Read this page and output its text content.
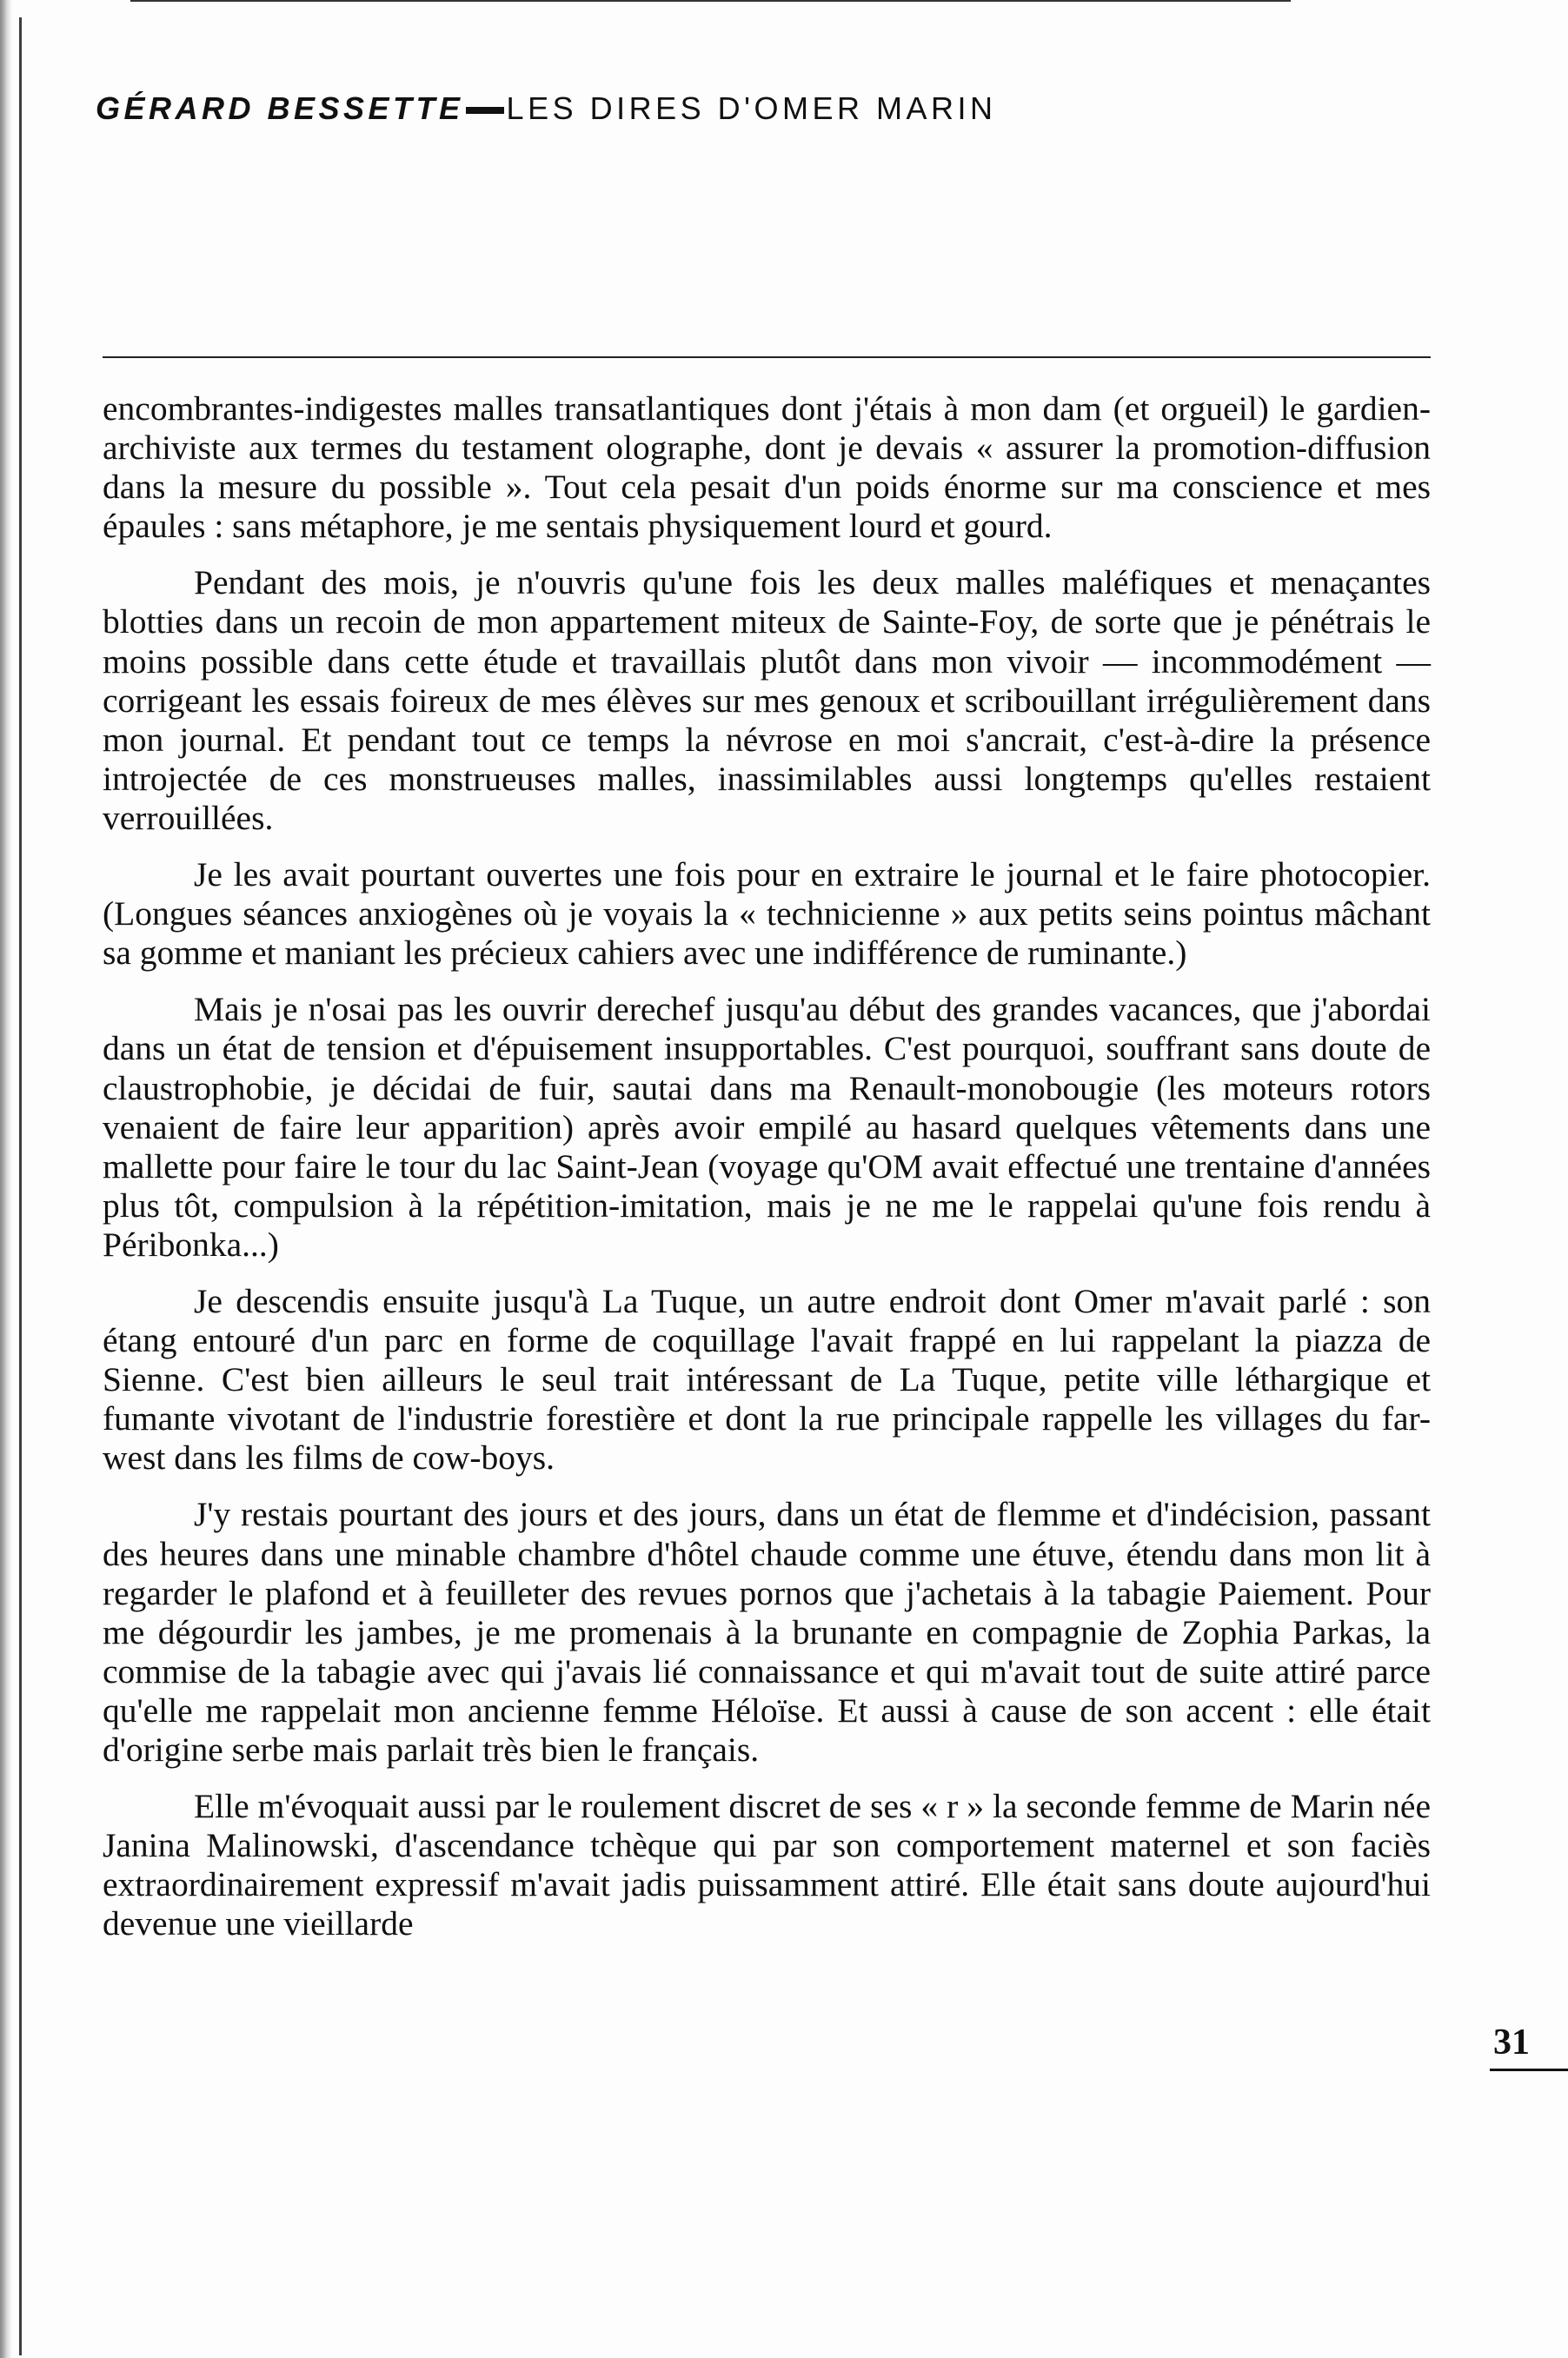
GÉRARD BESSETTE LES DIRES D'OMER MARIN

encombrantes-indigestes malles transatlantiques dont j'étais à mon dam (et orgueil) le gardien-archiviste aux termes du testament olographe, dont je devais « assurer la promotion-diffusion dans la mesure du possible ». Tout cela pesait d'un poids énorme sur ma conscience et mes épaules : sans métaphore, je me sentais physiquement lourd et gourd.

Pendant des mois, je n'ouvris qu'une fois les deux malles maléfiques et menaçantes blotties dans un recoin de mon appartement miteux de Sainte-Foy, de sorte que je pénétrais le moins possible dans cette étude et travaillais plutôt dans mon vivoir — incommodément — corrigeant les essais foireux de mes élèves sur mes genoux et scribouillant irrégulièrement dans mon journal. Et pendant tout ce temps la névrose en moi s'ancrait, c'est-à-dire la présence introjectée de ces monstrueuses malles, inassimilables aussi longtemps qu'elles restaient verrouillées.

Je les avait pourtant ouvertes une fois pour en extraire le journal et le faire photocopier. (Longues séances anxiogènes où je voyais la « technicienne » aux petits seins pointus mâchant sa gomme et maniant les précieux cahiers avec une indifférence de ruminante.)

Mais je n'osai pas les ouvrir derechef jusqu'au début des grandes vacances, que j'abordai dans un état de tension et d'épuisement insupportables. C'est pourquoi, souffrant sans doute de claustrophobie, je décidai de fuir, sautai dans ma Renault-monobougie (les moteurs rotors venaient de faire leur apparition) après avoir empilé au hasard quelques vêtements dans une mallette pour faire le tour du lac Saint-Jean (voyage qu'OM avait effectué une trentaine d'années plus tôt, compulsion à la répétition-imitation, mais je ne me le rappelai qu'une fois rendu à Péribonka...)

Je descendis ensuite jusqu'à La Tuque, un autre endroit dont Omer m'avait parlé : son étang entouré d'un parc en forme de coquillage l'avait frappé en lui rappelant la piazza de Sienne. C'est bien ailleurs le seul trait intéressant de La Tuque, petite ville léthargique et fumante vivotant de l'industrie forestière et dont la rue principale rappelle les villages du far-west dans les films de cow-boys.

J'y restais pourtant des jours et des jours, dans un état de flemme et d'indécision, passant des heures dans une minable chambre d'hôtel chaude comme une étuve, étendu dans mon lit à regarder le plafond et à feuilleter des revues pornos que j'achetais à la tabagie Paiement. Pour me dégourdir les jambes, je me promenais à la brunante en compagnie de Zophia Parkas, la commise de la tabagie avec qui j'avais lié connaissance et qui m'avait tout de suite attiré parce qu'elle me rappelait mon ancienne femme Héloïse. Et aussi à cause de son accent : elle était d'origine serbe mais parlait très bien le français.

Elle m'évoquait aussi par le roulement discret de ses « r » la seconde femme de Marin née Janina Malinowski, d'ascendance tchèque qui par son comportement maternel et son faciès extraordinairement expressif m'avait jadis puissamment attiré. Elle était sans doute aujourd'hui devenue une vieillarde

31
